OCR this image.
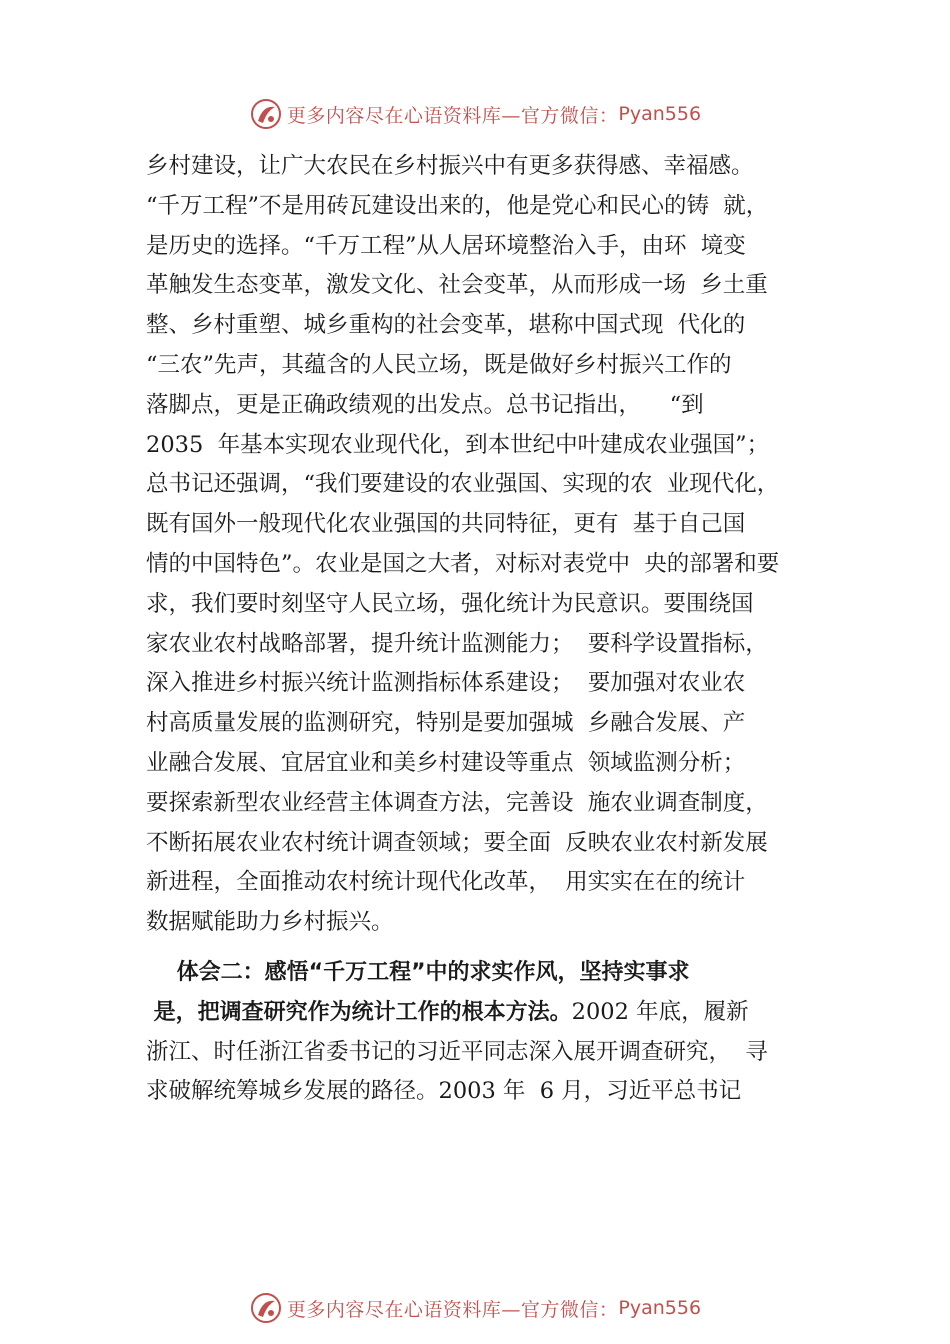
更多内容尽在心语资料库—官方微信： Pyan556
乡村建设，让广大农民在乡村振兴中有更多获得感、幸福感。
“千万工程”不是用砖瓦建设出来的，他是党心和民心的铸  就，
是历史的选择。“千万工程”从人居环境整治入手，由环  境变
革触发生态变革，激发文化、社会变革，从而形成一场  乡土重
整、乡村重塑、城乡重构的社会变革，堪称中国式现  代化的
“三农”先声，其蕴含的人民立场，既是做好乡村振兴工作的
落脚点，更是正确政绩观的出发点。总书记指出，    “到
2035  年基本实现农业现代化，到本世纪中叶建成农业强国”；
总书记还强调，“我们要建设的农业强国、实现的农  业现代化，
既有国外一般现代化农业强国的共同特征，更有  基于自己国
情的中国特色”。农业是国之大者，对标对表党中  央的部署和要
求，我们要时刻坚守人民立场，强化统计为民意识。要围绕国
家农业农村战略部署，提升统计监测能力；  要科学设置指标，
深入推进乡村振兴统计监测指标体系建设；  要加强对农业农
村高质量发展的监测研究，特别是要加强城  乡融合发展、产
业融合发展、宜居宜业和美乡村建设等重点  领域监测分析；
要探索新型农业经营主体调查方法，完善设  施农业调查制度，
不断拓展农业农村统计调查领域；要全面  反映农业农村新发展
新进程，全面推动农村统计现代化改革，  用实实在在的统计
数据赋能助力乡村振兴。
体会二：感悟“千万工程”中的求实作风，坚持实事求
是，把调查研究作为统计工作的根本方法。2002 年底，履新
浙江、时任浙江省委书记的习近平同志深入展开调查研究，  寻
求破解统筹城乡发展的路径。2003 年  6 月，习近平总书记
更多内容尽在心语资料库—官方微信： Pyan556
